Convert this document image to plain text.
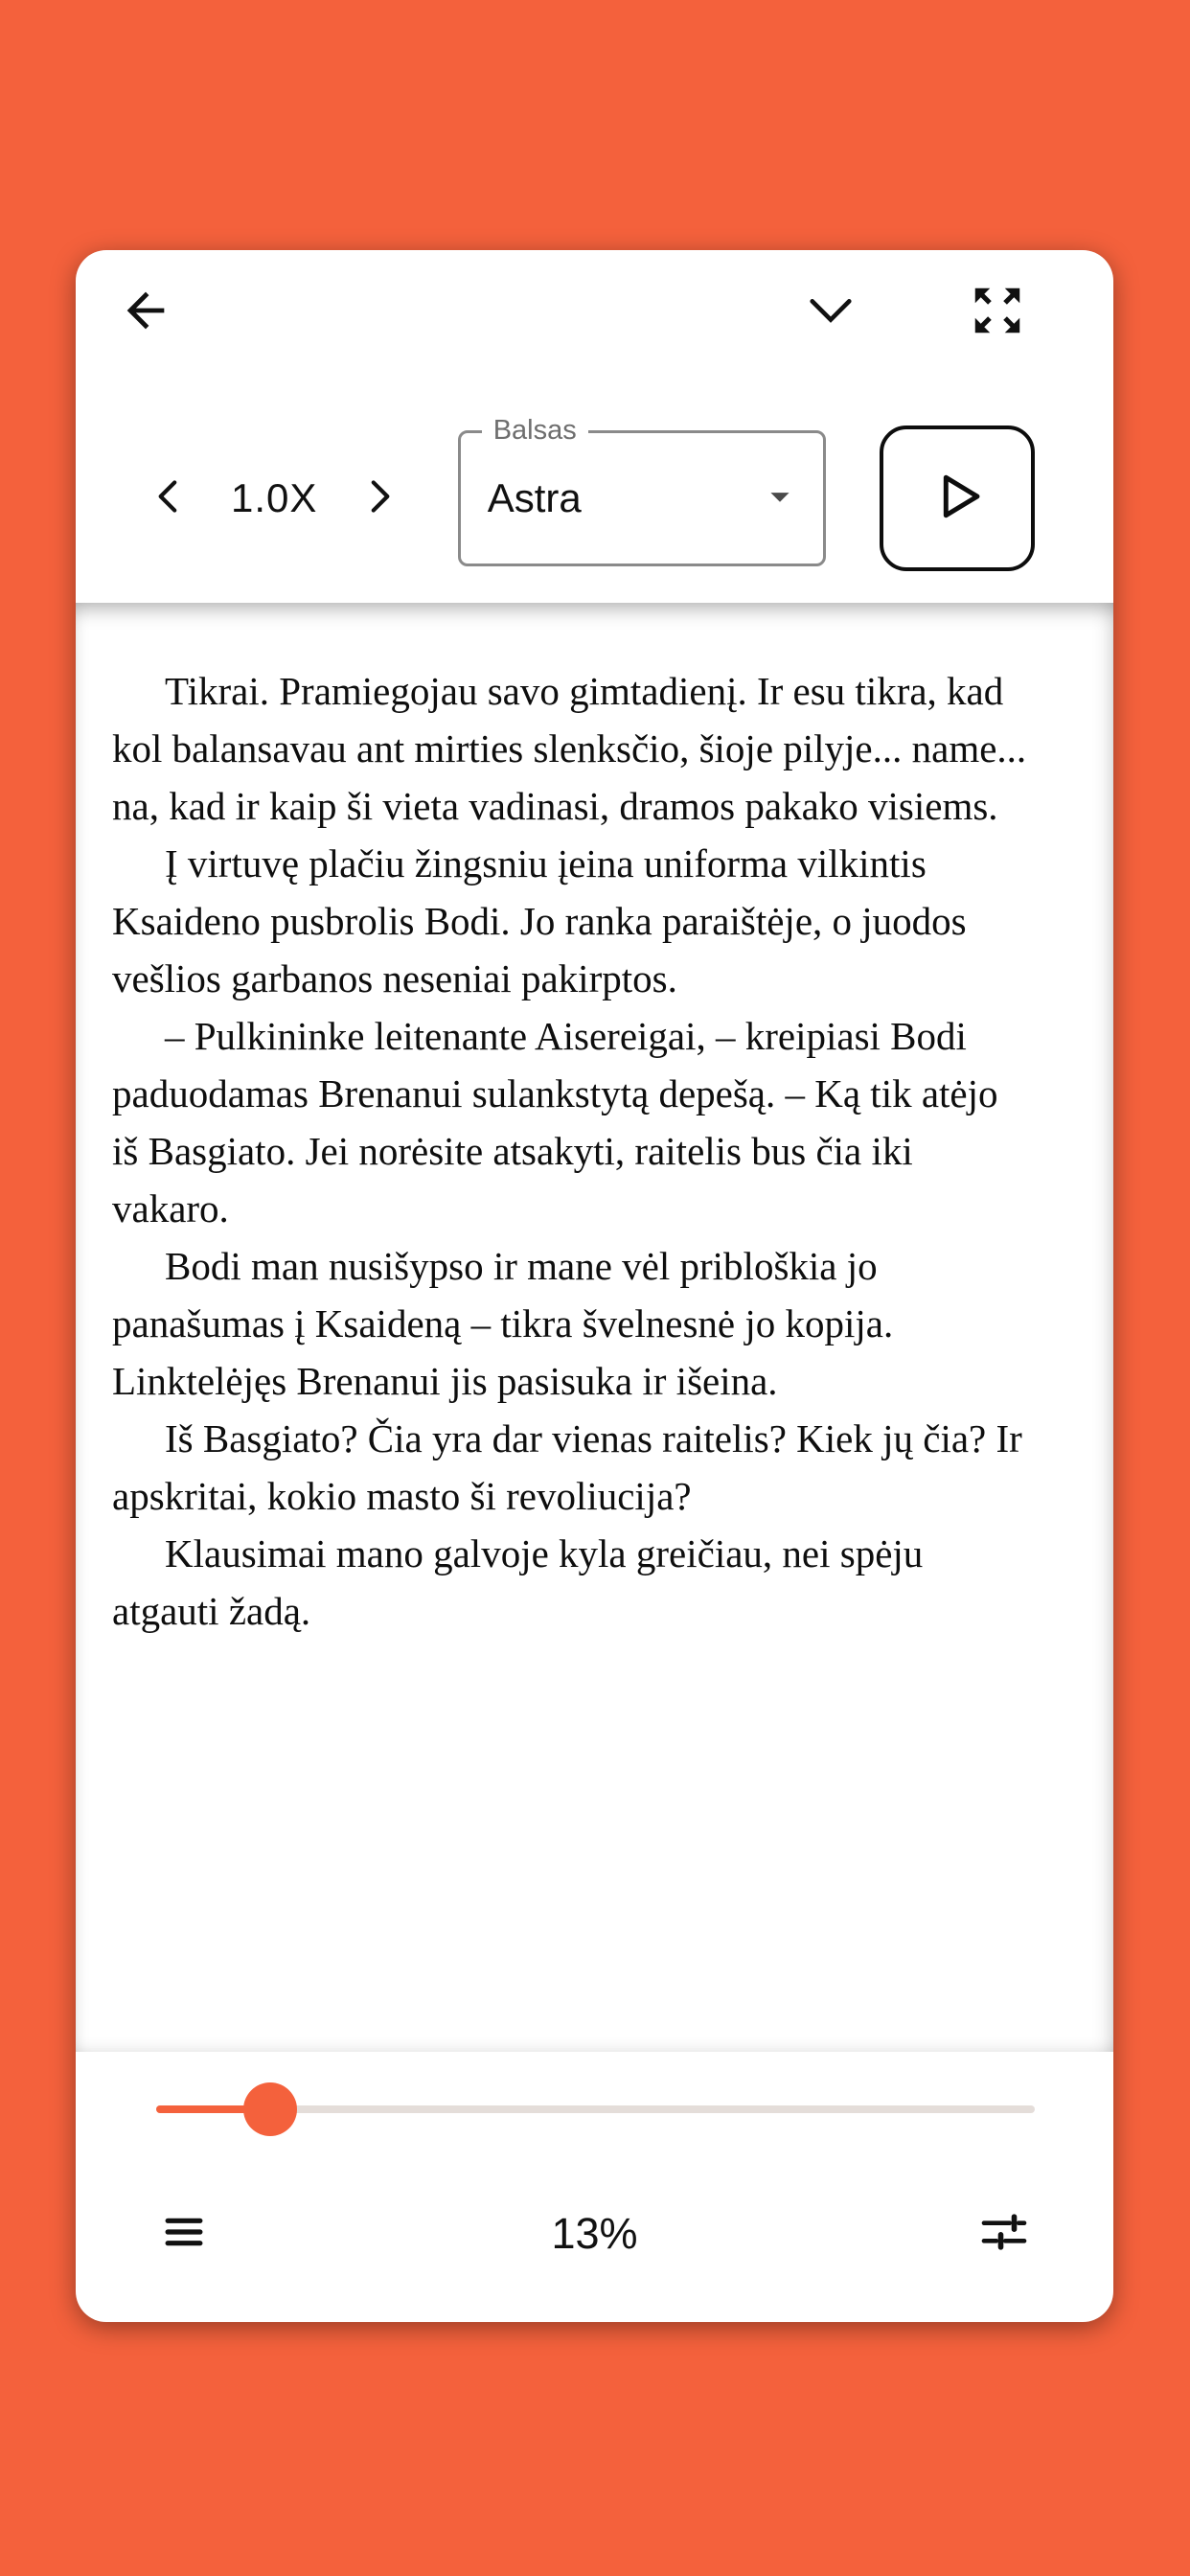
1.0X
Balsas
Astra

Tikrai. Pramiegojau savo gimtadienį. Ir esu tikra, kad kol balansavau ant mirties slenksčio, šioje pilyje... name... na, kad ir kaip ši vieta vadinasi, dramos pakako visiems.

Į virtuvę plačiu žingsniu įeina uniforma vilkintis Ksaideno pusbrolis Bodi. Jo ranka paraištėje, o juodos vešlios garbanos neseniai pakirptos.

– Pulkininke leitenante Aisereigai, – kreipiasi Bodi paduodamas Brenanui sulankstytą depešą. – Ką tik atėjo iš Basgiato. Jei norėsite atsakyti, raitelis bus čia iki vakaro.

Bodi man nusišypso ir mane vėl pribloškia jo panašumas į Ksaideną – tikra švelnesnė jo kopija. Linktelėjęs Brenanui jis pasisuka ir išeina.

Iš Basgiato? Čia yra dar vienas raitelis? Kiek jų čia? Ir apskritai, kokio masto ši revoliucija?

Klausimai mano galvoje kyla greičiau, nei spėju atgauti žadą.

13%
